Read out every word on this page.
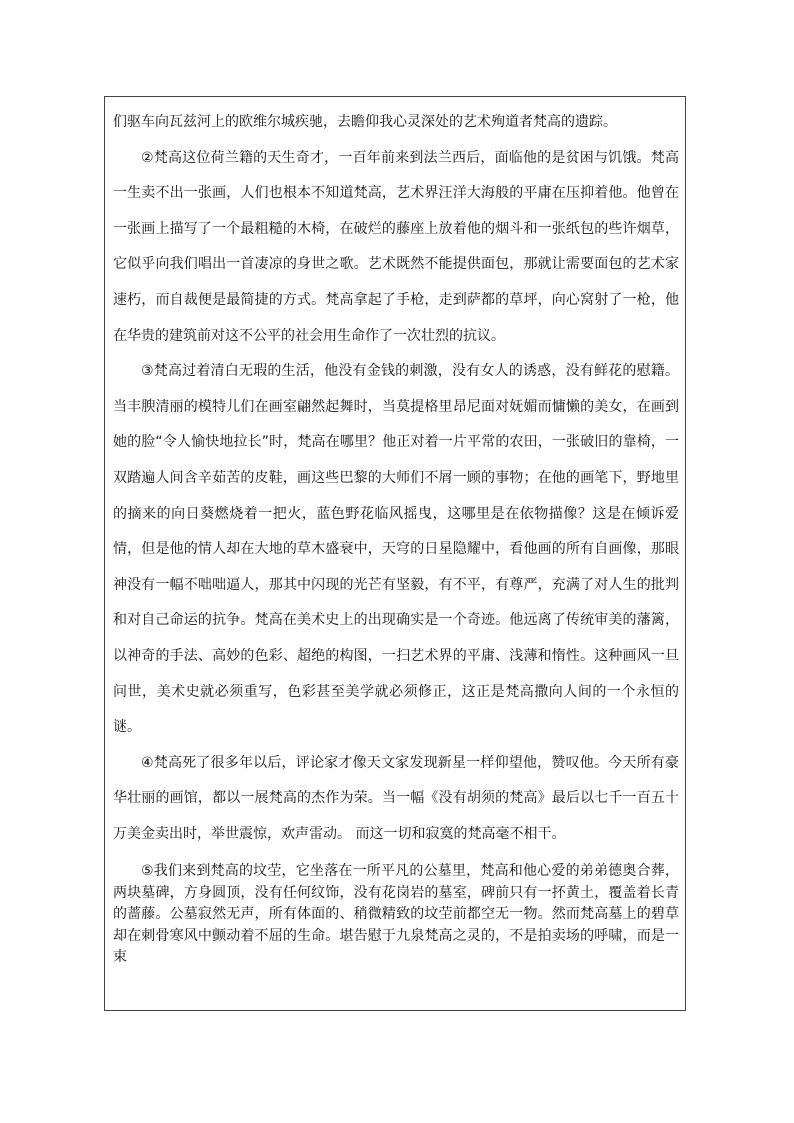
们驱车向瓦兹河上的欧维尔城疾驰，去瞻仰我心灵深处的艺术殉道者梵高的遗踪。

②梵高这位荷兰籍的天生奇才，一百年前来到法兰西后，面临他的是贫困与饥饿。梵高一生卖不出一张画，人们也根本不知道梵高，艺术界汪洋大海般的平庸在压抑着他。他曾在一张画上描写了一个最粗糙的木椅，在破烂的藤座上放着他的烟斗和一张纸包的些许烟草，它似乎向我们唱出一首凄凉的身世之歌。艺术既然不能提供面包，那就让需要面包的艺术家速朽，而自裁便是最简捷的方式。梵高拿起了手枪，走到萨都的草坪，向心窝射了一枪，他在华贵的建筑前对这不公平的社会用生命作了一次壮烈的抗议。

③梵高过着清白无瑕的生活，他没有金钱的刺激，没有女人的诱惑，没有鲜花的慰籍。当丰腴清丽的模特儿们在画室翩然起舞时，当莫提格里昂尼面对妩媚而慵懒的美女，在画到她的脸“令人愉快地拉长”时，梵高在哪里？他正对着一片平常的农田，一张破旧的靠椅，一双踏遍人间含辛茹苦的皮鞋，画这些巴黎的大师们不屑一顾的事物；在他的画笔下，野地里的摘来的向日葵燃烧着一把火，蓝色野花临风摇曳，这哪里是在依物描像？这是在倾诉爱情，但是他的情人却在大地的草木盛衰中，天穹的日星隐耀中，看他画的所有自画像，那眼神没有一幅不咄咄逼人，那其中闪现的光芒有坚毅，有不平，有尊严，充满了对人生的批判和对自己命运的抗争。梵高在美术史上的出现确实是一个奇迹。他远离了传统审美的藩篱，以神奇的手法、高妙的色彩、超绝的构图，一扫艺术界的平庸、浅薄和惰性。这种画风一旦问世，美术史就必须重写，色彩甚至美学就必须修正，这正是梵高撒向人间的一个永恒的谜。

④梵高死了很多年以后，评论家才像天文家发现新星一样仰望他，赞叹他。今天所有豪华壮丽的画馆，都以一展梵高的杰作为荣。当一幅《没有胡须的梵高》最后以七千一百五十万美金卖出时，举世震惊，欢声雷动。 而这一切和寂寞的梵高毫不相干。

⑤我们来到梵高的坟茔，它坐落在一所平凡的公墓里，梵高和他心爱的弟弟德奥合葬，两块墓碑，方身圆顶，没有任何纹饰，没有花岗岩的墓室，碑前只有一抔黄土，覆盖着长青的蔷藤。公墓寂然无声，所有体面的、稍微精致的坟茔前都空无一物。然而梵高墓上的碧草却在刺骨寒风中颤动着不屈的生命。堪告慰于九泉梵高之灵的，不是拍卖场的呼啸，而是一束
